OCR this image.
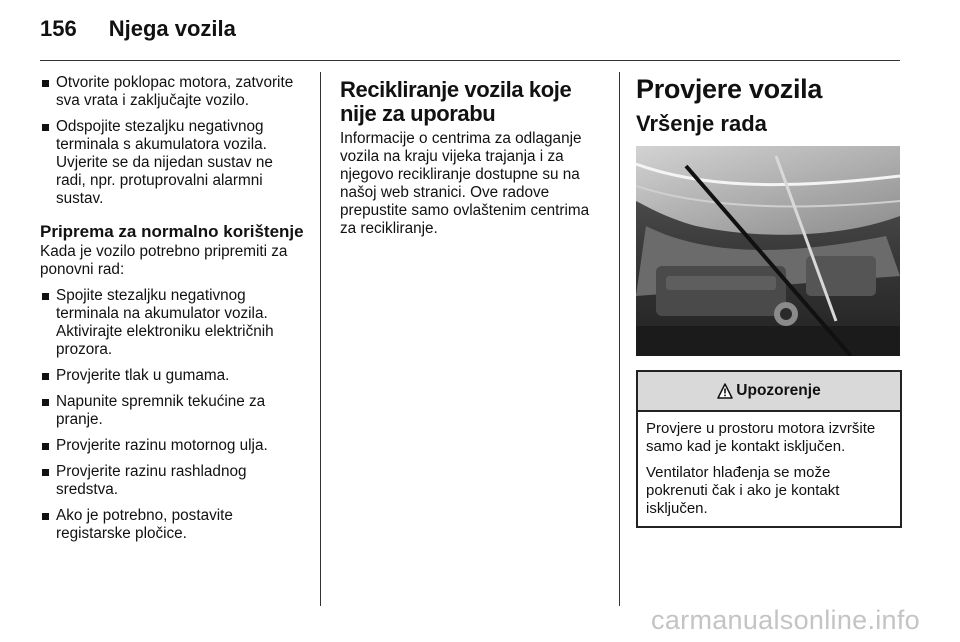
156 Njega vozila
Otvorite poklopac motora, zatvorite sva vrata i zaključajte vozilo.
Odspojite stezaljku negativnog terminala s akumulatora vozila. Uvjerite se da nijedan sustav ne radi, npr. protuprovalni alarmni sustav.
Priprema za normalno korištenje

Kada je vozilo potrebno pripremiti za ponovni rad:

Spojite stezaljku negativnog terminala na akumulator vozila. Aktivirajte elektroniku električnih prozora.
Provjerite tlak u gumama.
Napunite spremnik tekućine za pranje.
Provjerite razinu motornog ulja.
Provjerite razinu rashladnog sredstva.
Ako je potrebno, postavite registarske pločice.
Recikliranje vozila koje nije za uporabu

Informacije o centrima za odlaganje vozila na kraju vijeka trajanja i za njegovo recikliranje dostupne su na našoj web stranici. Ove radove prepustite samo ovlaštenim centrima za recikliranje.

Provjere vozila
Vršenje rada
Upozorenje

Provjere u prostoru motora izvršite samo kad je kontakt isključen.

Ventilator hlađenja se može pokrenuti čak i ako je kontakt isključen.

carmanualsonline.info
